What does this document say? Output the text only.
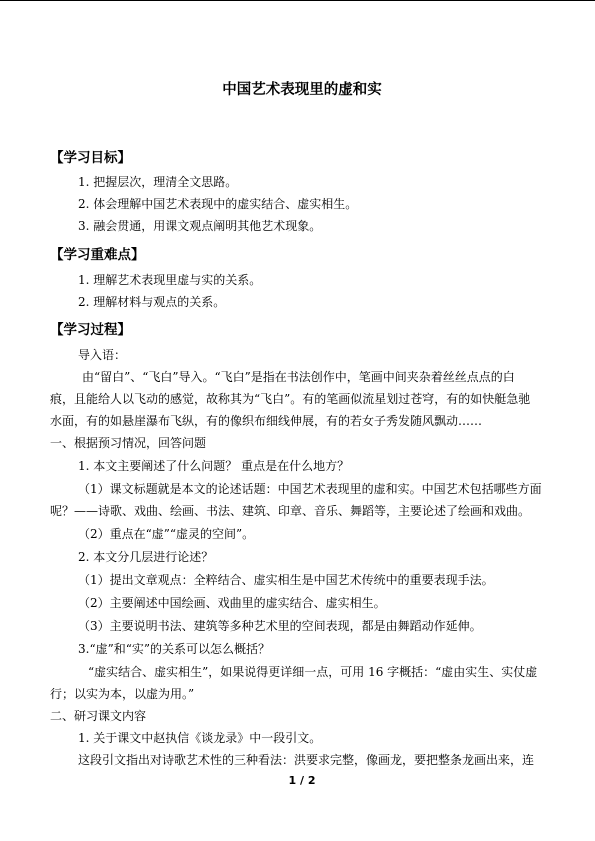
中国艺术表现里的虚和实
【学习目标】
1. 把握层次，理清全文思路。
2. 体会理解中国艺术表现中的虚实结合、虚实相生。
3. 融会贯通，用课文观点阐明其他艺术现象。
【学习重难点】
1. 理解艺术表现里虚与实的关系。
2. 理解材料与观点的关系。
【学习过程】
导入语：
由“留白”、“飞白”导入。“飞白”是指在书法创作中，笔画中间夹杂着丝丝点点的白
痕，且能给人以飞动的感觉，故称其为“飞白”。有的笔画似流星划过苍穹，有的如快艇急驰
水面，有的如悬崖瀑布飞纵，有的像织布细线伸展，有的若女子秀发随风飘动……
一、根据预习情况，回答问题
1. 本文主要阐述了什么问题？ 重点是在什么地方？
（1）课文标题就是本文的论述话题：中国艺术表现里的虚和实。中国艺术包括哪些方面
呢？——诗歌、戏曲、绘画、书法、建筑、印章、音乐、舞蹈等，主要论述了绘画和戏曲。
（2）重点在“虚”“虚灵的空间”。
2. 本文分几层进行论述？
（1）提出文章观点：全粹结合、虚实相生是中国艺术传统中的重要表现手法。
（2）主要阐述中国绘画、戏曲里的虚实结合、虚实相生。
（3）主要说明书法、建筑等多种艺术里的空间表现，都是由舞蹈动作延伸。
3.“虚”和“实”的关系可以怎么概括？
“虚实结合、虚实相生”，如果说得更详细一点，可用 16 字概括：“虚由实生、实仗虚
行；以实为本，以虚为用。”
二、研习课文内容
1. 关于课文中赵执信《谈龙录》中一段引文。
这段引文指出对诗歌艺术性的三种看法：洪要求完整，像画龙，要把整条龙画出来，连
1 / 2
